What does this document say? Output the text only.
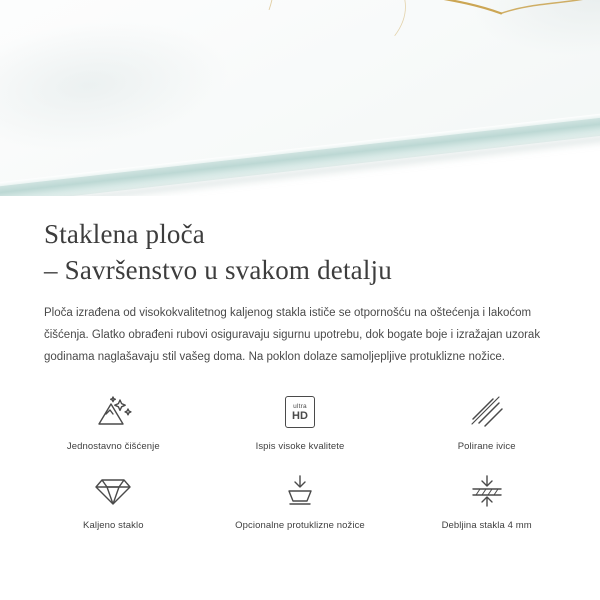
Staklena ploča
– Savršenstvo u svakom detalju

Ploča izrađena od visokokvalitetnog kaljenog stakla ističe se otpornošću na oštećenja i lakoćom čišćenja. Glatko obrađeni rubovi osiguravaju sigurnu upotrebu, dok bogate boje i izražajan uzorak godinama naglašavaju stil vašeg doma. Na poklon dolaze samoljepljive protuklizne nožice.

Jednostavno čišćenje
ultra
HD
Ispis visoke kvalitete	Polirane ivice
Kaljeno staklo	Opcionalne protuklizne nožice	Debljina stakla 4 mm
